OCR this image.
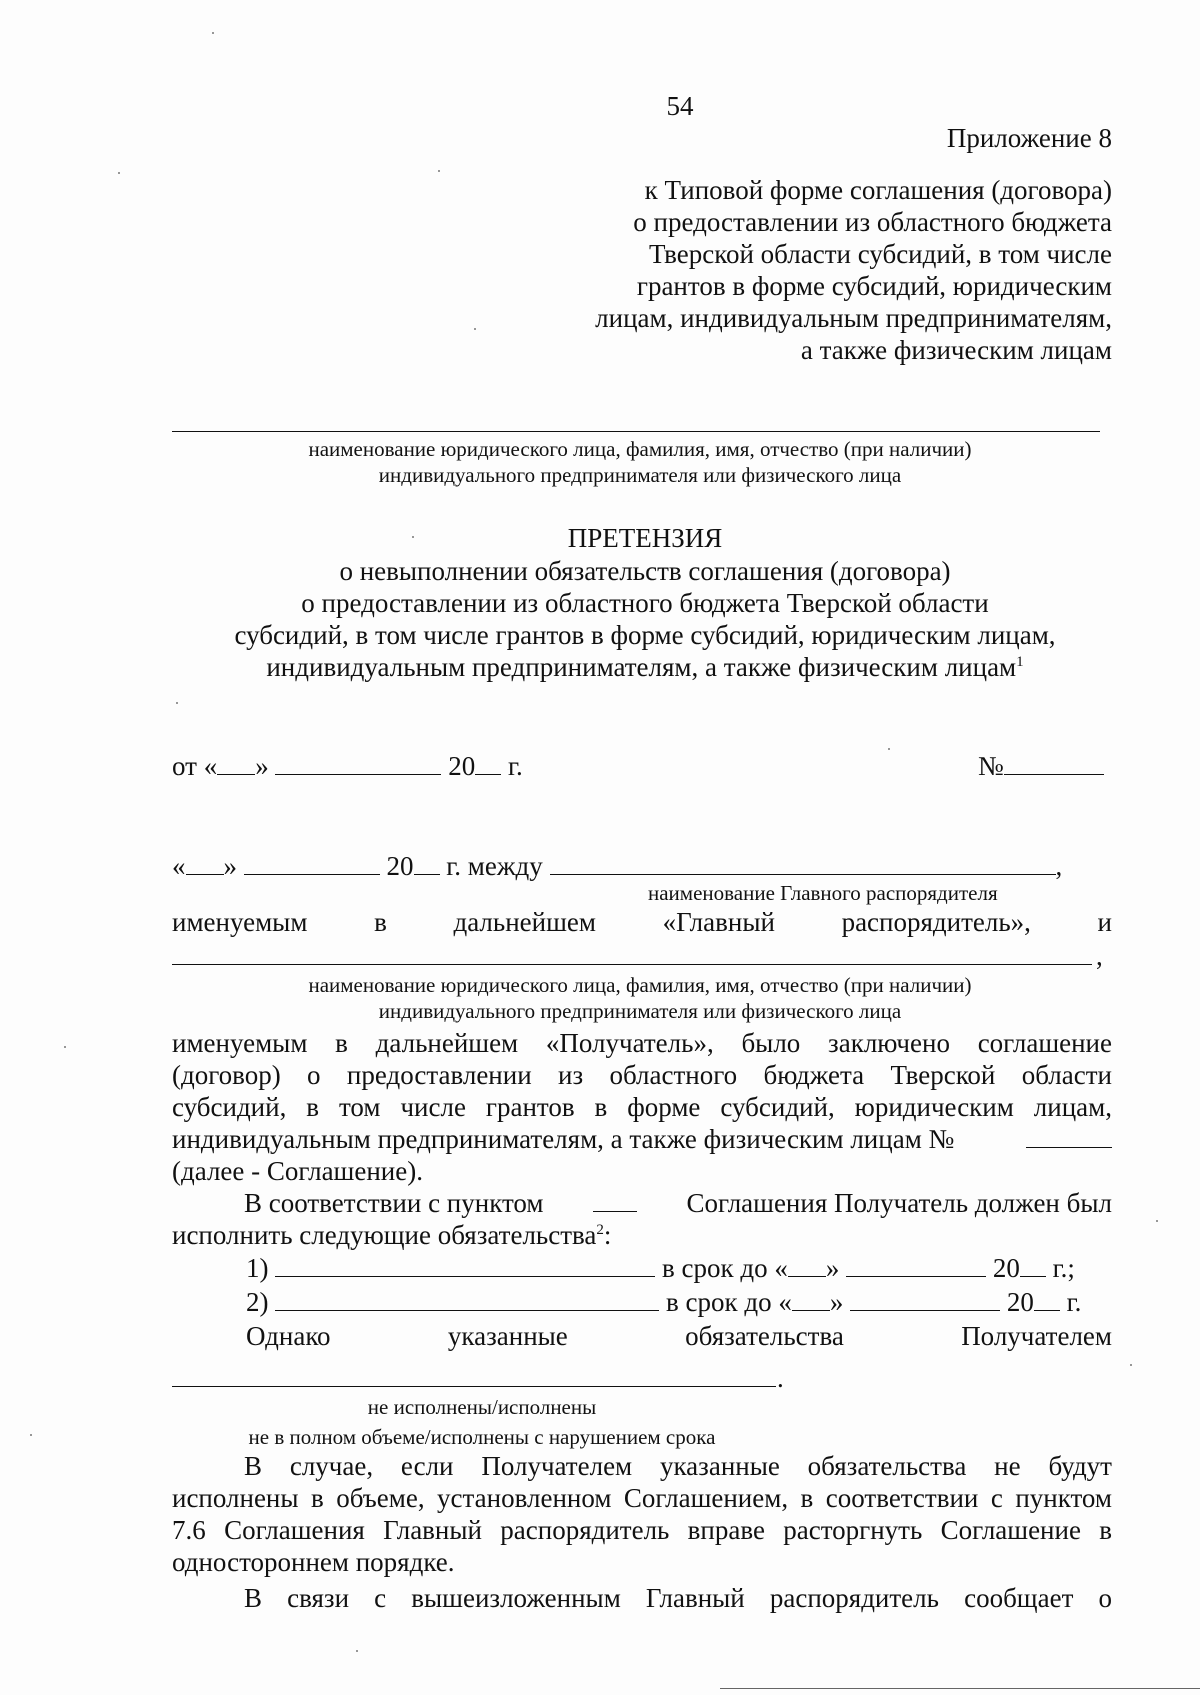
54
Приложение 8
к Типовой форме соглашения (договора)
о предоставлении из областного бюджета
Тверской области субсидий, в том числе
грантов в форме субсидий, юридическим
лицам, индивидуальным предпринимателям,
а также физическим лицам
наименование юридического лица, фамилия, имя, отчество (при наличии)
индивидуального предпринимателя или физического лица
ПРЕТЕНЗИЯ
о невыполнении обязательств соглашения (договора)
о предоставлении из областного бюджета Тверской области
субсидий, в том числе грантов в форме субсидий, юридическим лицам,
индивидуальным предпринимателям, а также физическим лицам$^1$
от « »	20 г.	№
« »	20 г. между	,
наименование Главного распорядителя
именуемым в дальнейшем «Главный распорядитель», и
,
наименование юридического лица, фамилия, имя, отчество (при наличии)
индивидуального предпринимателя или физического лица
именуемым в дальнейшем «Получатель», было заключено соглашение
(договор) о предоставлении из областного бюджета Тверской области
субсидий, в том числе грантов в форме субсидий, юридическим лицам,
индивидуальным предпринимателям, а также физическим лицам №
(далее - Соглашение).
В соответствии с пунктом	Соглашения Получатель должен был
исполнить следующие обязательства$^2$:
1)	в срок до « »	20 г.;
2)	в срок до « »	20 г.
Однако	указанные	обязательства	Получателем
.
не исполнены/исполнены
не в полном объеме/исполнены с нарушением срока
В случае, если Получателем указанные обязательства не будут
исполнены в объеме, установленном Соглашением, в соответствии с пунктом
7.6 Соглашения Главный распорядитель вправе расторгнуть Соглашение в
одностороннем порядке.
В связи с вышеизложенным Главный распорядитель сообщает о
